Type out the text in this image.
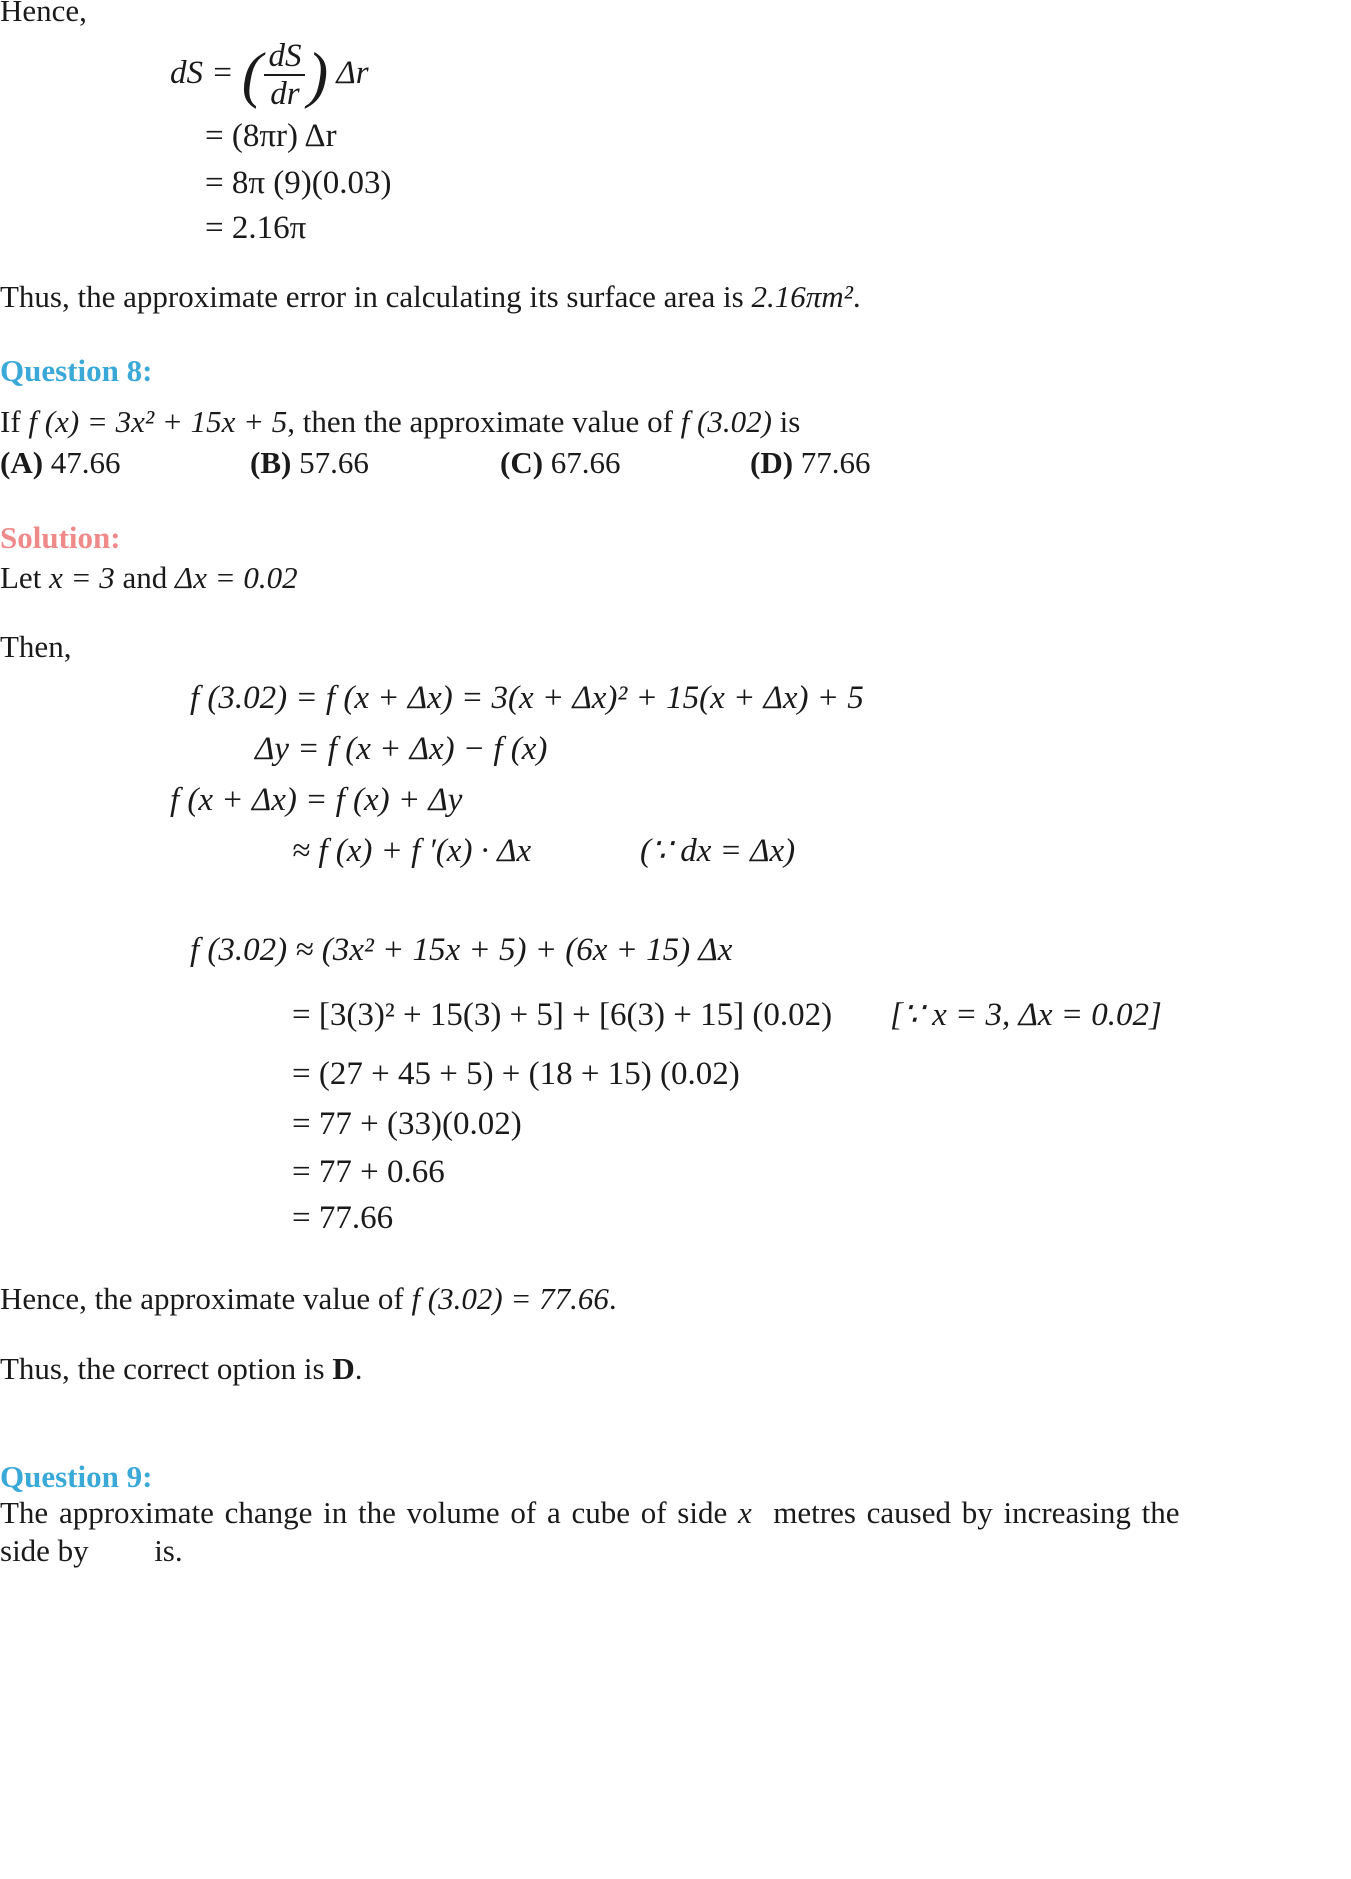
Hence,
dS = ( $\frac{dS}{dr}$ ) Δr
= (8πr) Δr
= 8π (9)(0.03)
= 2.16π
Thus, the approximate error in calculating its surface area is 2.16πm².
Question 8:
If f (x) = 3x² + 15x + 5, then the approximate value of f (3.02) is
(A) 47.66	(B) 57.66	(C) 67.66	(D) 77.66
Solution:
Let x = 3 and Δx = 0.02
Then,
f (3.02) = f (x + Δx) = 3(x + Δx)² + 15(x + Δx) + 5
Δy = f (x + Δx) − f (x)
f (x + Δx) = f (x) + Δy
≈ f (x) + f ′(x) · Δx	(∵ dx = Δx)
f (3.02) ≈ (3x² + 15x + 5) + (6x + 15) Δx
= [3(3)² + 15(3) + 5] + [6(3) + 15] (0.02) [∵ x = 3, Δx = 0.02]
= (27 + 45 + 5) + (18 + 15) (0.02)
= 77 + (33)(0.02)
= 77 + 0.66
= 77.66
Hence, the approximate value of f (3.02) = 77.66.
Thus, the correct option is D.
Question 9:
The approximate change in the volume of a cube of side x metres caused by increasing the
side by is.
